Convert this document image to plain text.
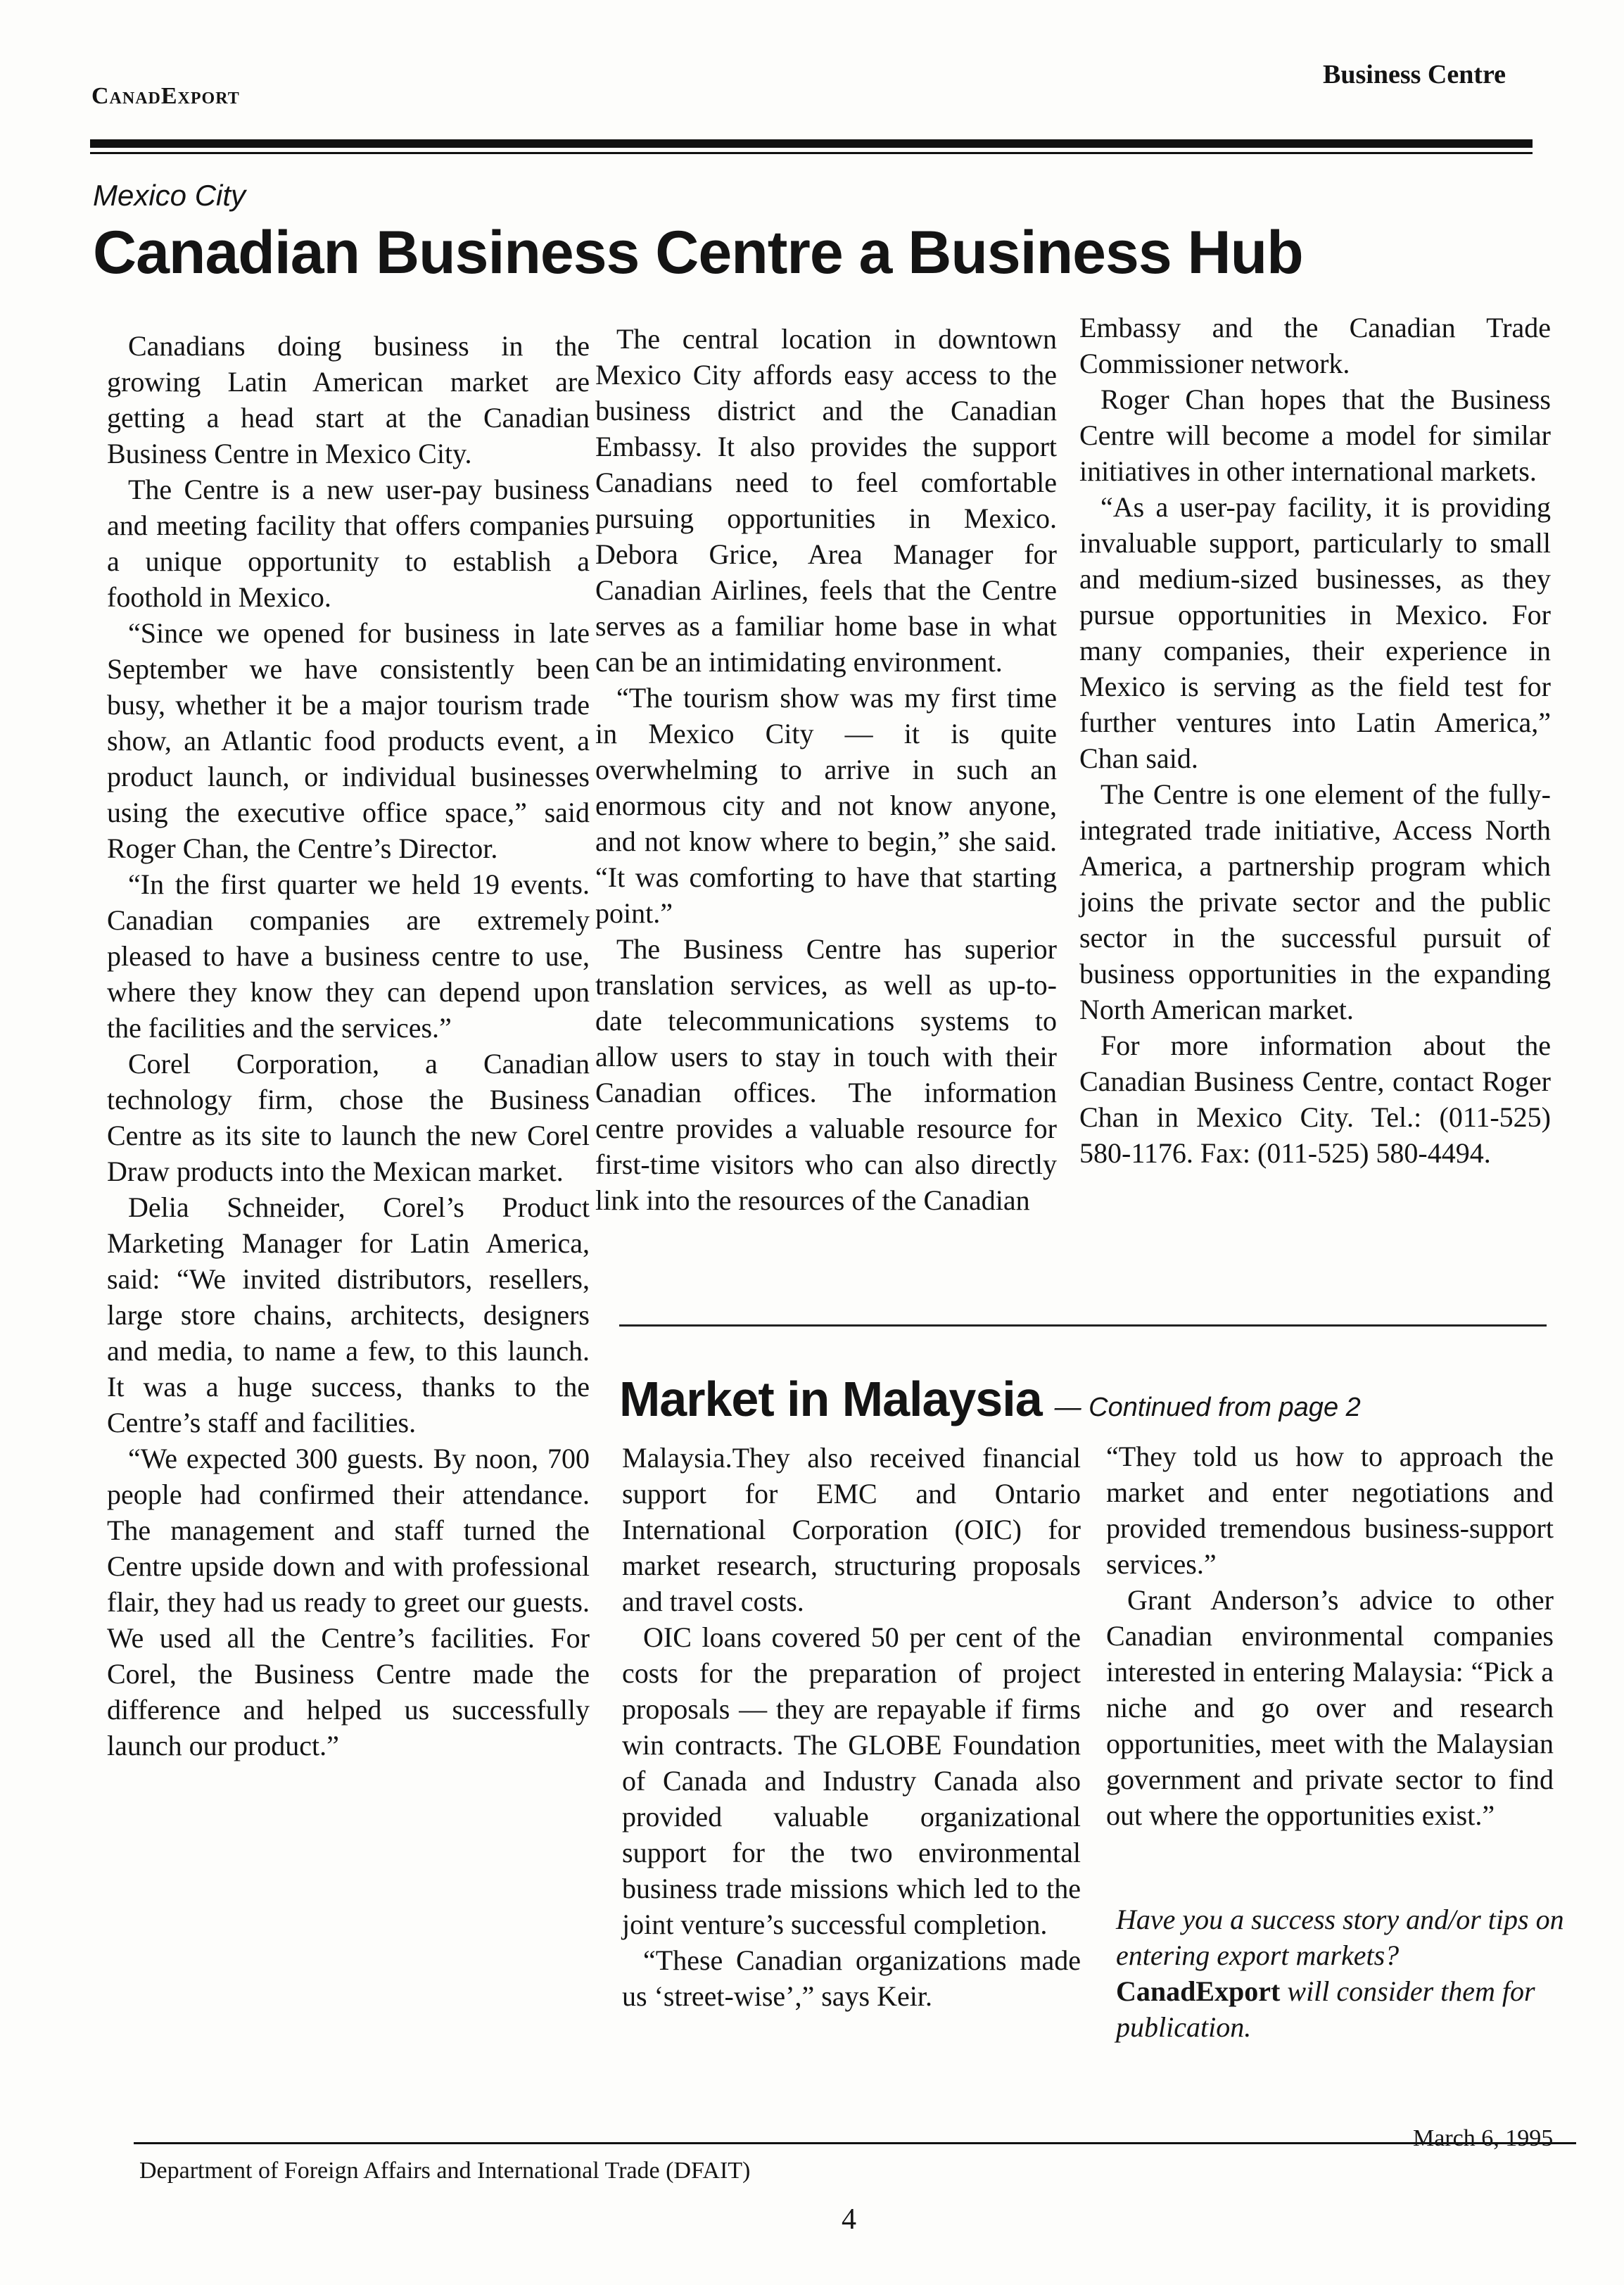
CanadExport
Business Centre
Mexico City
Canadian Business Centre a Business Hub

Canadians doing business in the growing Latin American market are getting a head start at the Canadian Business Centre in Mexico City.

The Centre is a new user-pay business and meeting facility that offers companies a unique opportunity to establish a foothold in Mexico.

“Since we opened for business in late September we have consistently been busy, whether it be a major tourism trade show, an Atlantic food products event, a product launch, or individual businesses using the executive office space,” said Roger Chan, the Centre’s Director.

“In the first quarter we held 19 events. Canadian companies are extremely pleased to have a business centre to use, where they know they can depend upon the facilities and the services.”

Corel Corporation, a Canadian technology firm, chose the Business Centre as its site to launch the new Corel Draw products into the Mexican market.

Delia Schneider, Corel’s Product Marketing Manager for Latin America, said: “We invited distributors, resellers, large store chains, architects, designers and media, to name a few, to this launch. It was a huge success, thanks to the Centre’s staff and facilities.

“We expected 300 guests. By noon, 700 people had confirmed their attendance. The management and staff turned the Centre upside down and with professional flair, they had us ready to greet our guests. We used all the Centre’s facilities. For Corel, the Business Centre made the difference and helped us successfully launch our product.”

The central location in downtown Mexico City affords easy access to the business district and the Canadian Embassy. It also provides the support Canadians need to feel comfortable pursuing opportunities in Mexico. Debora Grice, Area Manager for Canadian Airlines, feels that the Centre serves as a familiar home base in what can be an intimidating environment.

“The tourism show was my first time in Mexico City — it is quite overwhelming to arrive in such an enormous city and not know anyone, and not know where to begin,” she said. “It was comforting to have that starting point.”

The Business Centre has superior translation services, as well as up-to-date telecommunications systems to allow users to stay in touch with their Canadian offices. The information centre provides a valuable resource for first-time visitors who can also directly link into the resources of the Canadian

Embassy and the Canadian Trade Commissioner network.

Roger Chan hopes that the Business Centre will become a model for similar initiatives in other international markets.

“As a user-pay facility, it is providing invaluable support, particularly to small and medium-sized businesses, as they pursue opportunities in Mexico. For many companies, their experience in Mexico is serving as the field test for further ventures into Latin America,” Chan said.

The Centre is one element of the fully-integrated trade initiative, Access North America, a partnership program which joins the private sector and the public sector in the successful pursuit of business opportunities in the expanding North American market.

For more information about the Canadian Business Centre, contact Roger Chan in Mexico City. Tel.: (011-525) 580-1176. Fax: (011-525) 580-4494.

Market in Malaysia — Continued from page 2

Malaysia.They also received financial support for EMC and Ontario International Corporation (OIC) for market research, structuring proposals and travel costs.

OIC loans covered 50 per cent of the costs for the preparation of project proposals — they are repayable if firms win contracts. The GLOBE Foundation of Canada and Industry Canada also provided valuable organizational support for the two environmental business trade missions which led to the joint venture’s successful completion.

“These Canadian organizations made us ‘street-wise’,” says Keir.

“They told us how to approach the market and enter negotiations and provided tremendous business-support services.”

Grant Anderson’s advice to other Canadian environmental companies interested in entering Malaysia: “Pick a niche and go over and research opportunities, meet with the Malaysian government and private sector to find out where the opportunities exist.”

Have you a success story and/or tips on entering export markets? CanadExport will consider them for publication.
March 6, 1995
Department of Foreign Affairs and International Trade (DFAIT)
4
